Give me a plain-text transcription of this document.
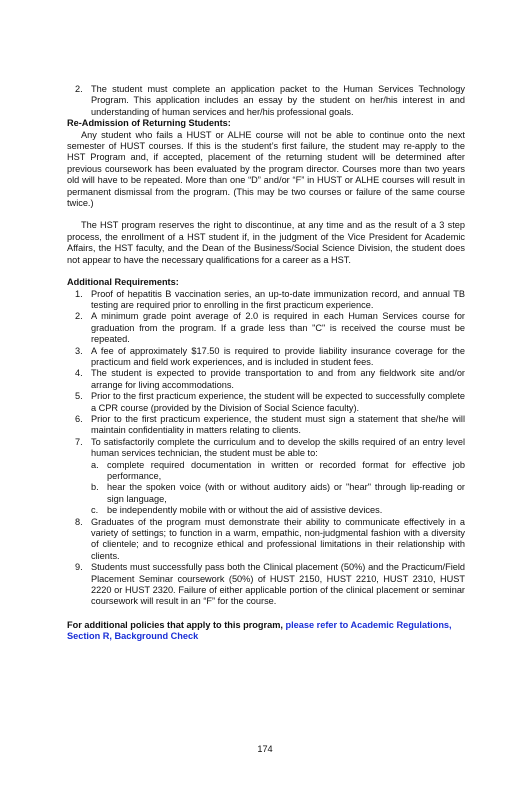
2. The student must complete an application packet to the Human Services Technology Program. This application includes an essay by the student on her/his interest in and understanding of human services and her/his professional goals.
Re-Admission of Returning Students:
Any student who fails a HUST or ALHE course will not be able to continue onto the next semester of HUST courses. If this is the student’s first failure, the student may re-apply to the HST Program and, if accepted, placement of the returning student will be determined after previous coursework has been evaluated by the program director. Courses more than two years old will have to be repeated. More than one “D” and/or “F” in HUST or ALHE courses will result in permanent dismissal from the program. (This may be two courses or failure of the same course twice.)
The HST program reserves the right to discontinue, at any time and as the result of a 3 step process, the enrollment of a HST student if, in the judgment of the Vice President for Academic Affairs, the HST faculty, and the Dean of the Business/Social Science Division, the student does not appear to have the necessary qualifications for a career as a HST.
Additional Requirements:
1. Proof of hepatitis B vaccination series, an up-to-date immunization record, and annual TB testing are required prior to enrolling in the first practicum experience.
2. A minimum grade point average of 2.0 is required in each Human Services course for graduation from the program. If a grade less than "C" is received the course must be repeated.
3. A fee of approximately $17.50 is required to provide liability insurance coverage for the practicum and field work experiences, and is included in student fees.
4. The student is expected to provide transportation to and from any fieldwork site and/or arrange for living accommodations.
5. Prior to the first practicum experience, the student will be expected to successfully complete a CPR course (provided by the Division of Social Science faculty).
6. Prior to the first practicum experience, the student must sign a statement that she/he will maintain confidentiality in matters relating to clients.
7. To satisfactorily complete the curriculum and to develop the skills required of an entry level human services technician, the student must be able to:
a. complete required documentation in written or recorded format for effective job performance,
b. hear the spoken voice (with or without auditory aids) or "hear" through lip-reading or sign language,
c. be independently mobile with or without the aid of assistive devices.
8. Graduates of the program must demonstrate their ability to communicate effectively in a variety of settings; to function in a warm, empathic, non-judgmental fashion with a diversity of clientele; and to recognize ethical and professional limitations in their relationship with clients.
9. Students must successfully pass both the Clinical placement (50%) and the Practicum/Field Placement Seminar coursework (50%) of HUST 2150, HUST 2210, HUST 2310, HUST 2220 or HUST 2320. Failure of either applicable portion of the clinical placement or seminar coursework will result in an “F” for the course.
For additional policies that apply to this program, please refer to Academic Regulations, Section R, Background Check
174
